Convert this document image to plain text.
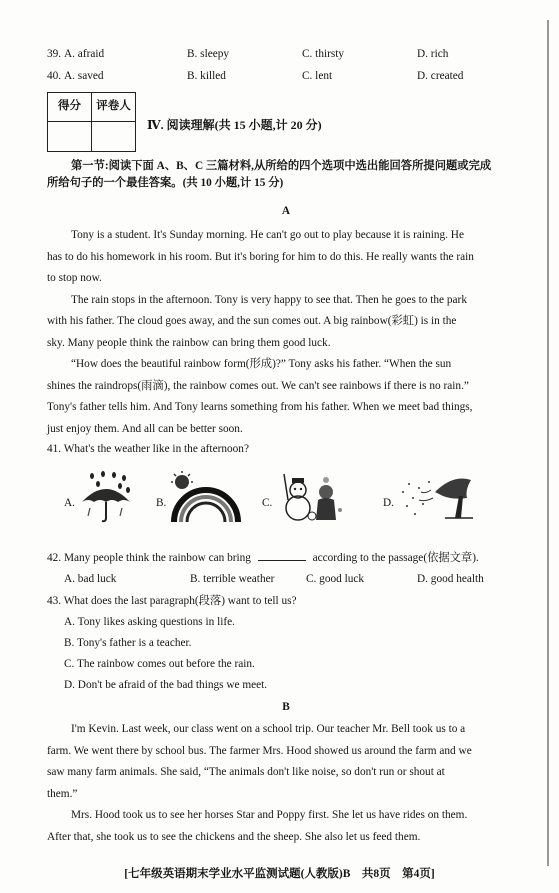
39. A. afraid	B. sleepy	C. thirsty	D. rich
40. A. saved	B. killed	C. lent	D. created
得分	评卷人

Ⅳ. 阅读理解(共 15 小题,计 20 分)
第一节:阅读下面 A、B、C 三篇材料,从所给的四个选项中选出能回答所提问题或完成
所给句子的一个最佳答案。(共 10 小题,计 15 分)
A
Tony is a student. It's Sunday morning. He can't go out to play because it is raining. He
has to do his homework in his room. But it's boring for him to do this. He really wants the rain
to stop now.
The rain stops in the afternoon. Tony is very happy to see that. Then he goes to the park
with his father. The cloud goes away, and the sun comes out. A big rainbow(彩虹) is in the
sky. Many people think the rainbow can bring them good luck.
“How does the beautiful rainbow form(形成)?” Tony asks his father. “When the sun
shines the raindrops(雨滴), the rainbow comes out. We can't see rainbows if there is no rain.”
Tony's father tells him. And Tony learns something from his father. When we meet bad things,
just enjoy them. And all can be better soon.
41. What's the weather like in the afternoon?
A.	B.	C.	D.
42. Many people think the rainbow can bring	according to the passage(依据文章).
A. bad luck	B. terrible weather	C. good luck	D. good health
43. What does the last paragraph(段落) want to tell us?
A. Tony likes asking questions in life.
B. Tony's father is a teacher.
C. The rainbow comes out before the rain.
D. Don't be afraid of the bad things we meet.
B
I'm Kevin. Last week, our class went on a school trip. Our teacher Mr. Bell took us to a
farm. We went there by school bus. The farmer Mrs. Hood showed us around the farm and we
saw many farm animals. She said, “The animals don't like noise, so don't run or shout at
them.”
Mrs. Hood took us to see her horses Star and Poppy first. She let us have rides on them.
After that, she took us to see the chickens and the sheep. She also let us feed them.
[七年级英语期末学业水平监测试题(人教版)B　共8页　第4页]
